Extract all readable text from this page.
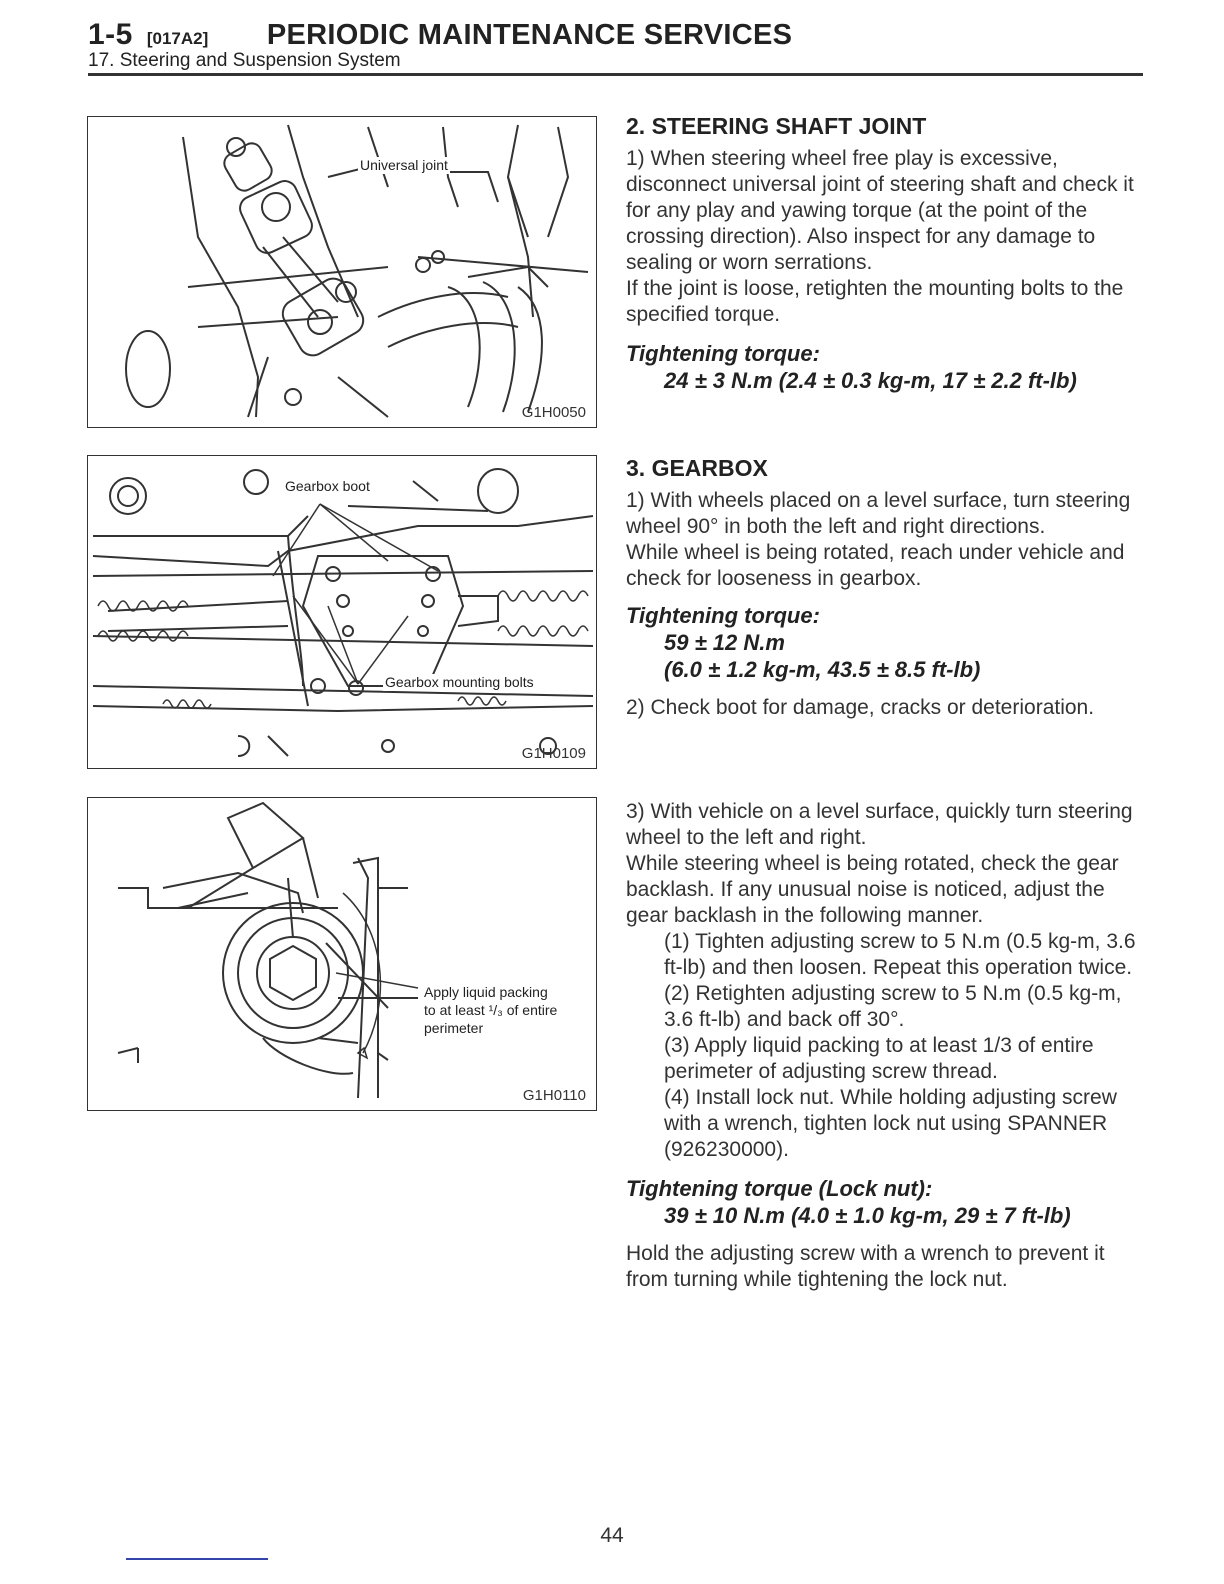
1-5 [017A2]	PERIODIC MAINTENANCE SERVICES
17. Steering and Suspension System
Universal joint
G1H0050
Gearbox boot
Gearbox mounting bolts
G1H0109
Apply liquid packing
to at least ¹/₃ of entire
perimeter
G1H0110
2. STEERING SHAFT JOINT

1) When steering wheel free play is excessive, disconnect universal joint of steering shaft and check it for any play and yawing torque (at the point of the crossing direction). Also inspect for any damage to sealing or worn serrations.

If the joint is loose, retighten the mounting bolts to the specified torque.

Tightening torque:
24 ± 3 N.m (2.4 ± 0.3 kg-m, 17 ± 2.2 ft-lb)
3. GEARBOX

1) With wheels placed on a level surface, turn steering wheel 90° in both the left and right directions.

While wheel is being rotated, reach under vehicle and check for looseness in gearbox.

Tightening torque:
59 ± 12 N.m
(6.0 ± 1.2 kg-m, 43.5 ± 8.5 ft-lb)

2) Check boot for damage, cracks or deterioration.

3) With vehicle on a level surface, quickly turn steering wheel to the left and right.

While steering wheel is being rotated, check the gear backlash. If any unusual noise is noticed, adjust the gear backlash in the following manner.

(1) Tighten adjusting screw to 5 N.m (0.5 kg-m, 3.6 ft-lb) and then loosen. Repeat this operation twice.

(2) Retighten adjusting screw to 5 N.m (0.5 kg-m, 3.6 ft-lb) and back off 30°.

(3) Apply liquid packing to at least 1/3 of entire perimeter of adjusting screw thread.

(4) Install lock nut. While holding adjusting screw with a wrench, tighten lock nut using SPANNER (926230000).

Tightening torque (Lock nut):
39 ± 10 N.m (4.0 ± 1.0 kg-m, 29 ± 7 ft-lb)

Hold the adjusting screw with a wrench to prevent it from turning while tightening the lock nut.

44
